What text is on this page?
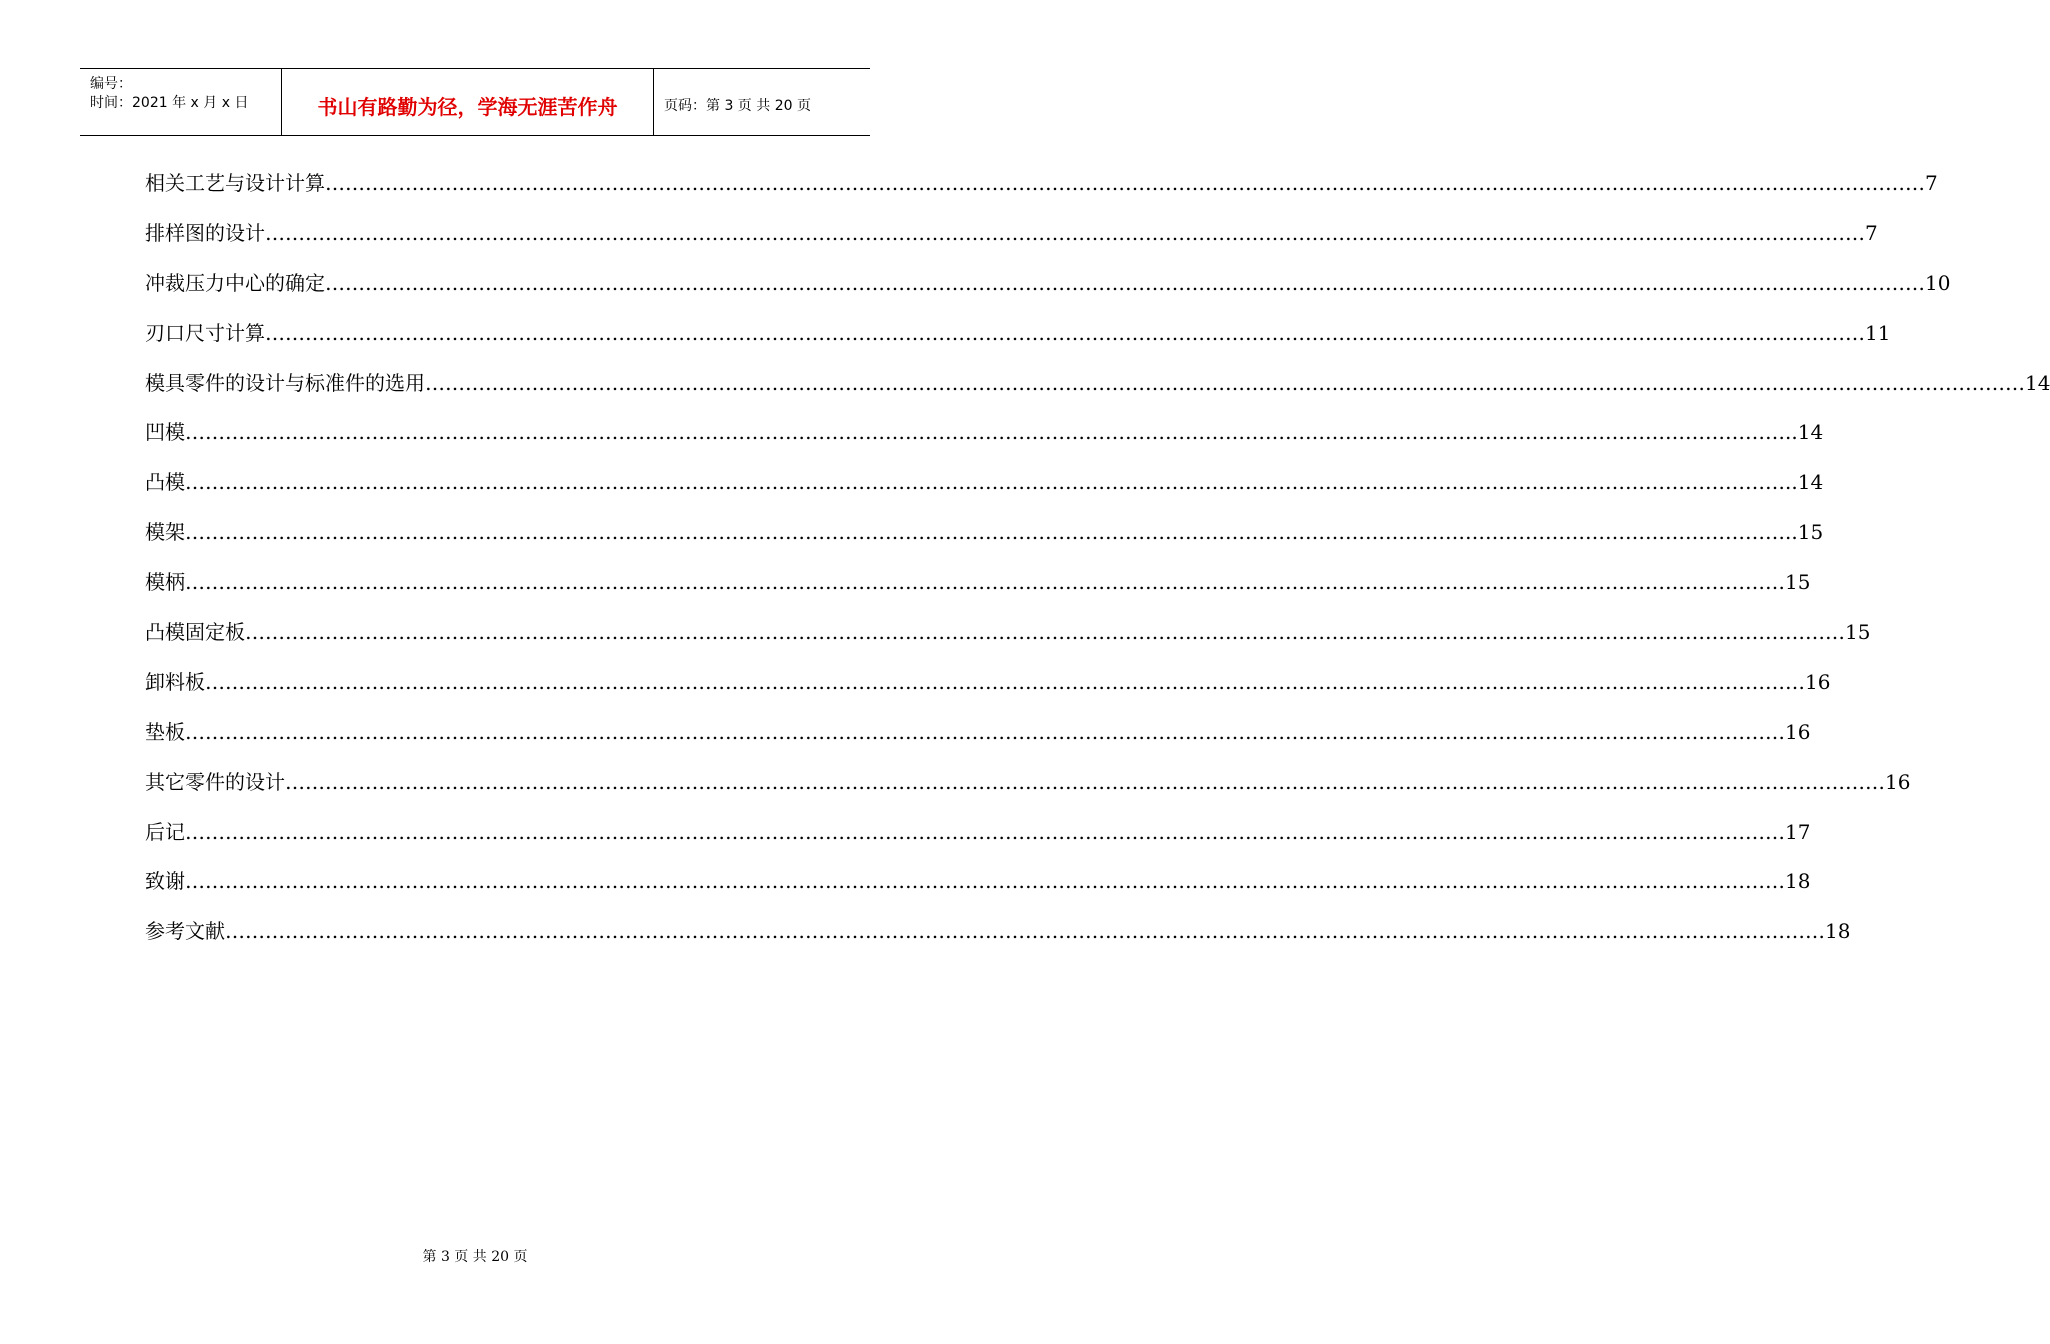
编号：
时间：2021 年 x 月 x 日	书山有路勤为径，学海无涯苦作舟	页码：第 3 页 共 20 页
相关工艺与设计计算 …………………………………………………………………………………………………………………………………………………………………………………………………………………… 7
排样图的设计 …………………………………………………………………………………………………………………………………………………………………………………………………………………… 7
冲裁压力中心的确定 …………………………………………………………………………………………………………………………………………………………………………………………………………………… 10
刃口尺寸计算 …………………………………………………………………………………………………………………………………………………………………………………………………………………… 11
模具零件的设计与标准件的选用 …………………………………………………………………………………………………………………………………………………………………………………………………………………… 14
凹模 …………………………………………………………………………………………………………………………………………………………………………………………………………………… ..14
凸模 …………………………………………………………………………………………………………………………………………………………………………………………………………………… ..14
模架 …………………………………………………………………………………………………………………………………………………………………………………………………………………… ..15
模柄 …………………………………………………………………………………………………………………………………………………………………………………………………………………… 15
凸模固定板 …………………………………………………………………………………………………………………………………………………………………………………………………………………… 15
卸料板 …………………………………………………………………………………………………………………………………………………………………………………………………………………… 16
垫板 …………………………………………………………………………………………………………………………………………………………………………………………………………………… 16
其它零件的设计 …………………………………………………………………………………………………………………………………………………………………………………………………………………… 16
后记 …………………………………………………………………………………………………………………………………………………………………………………………………………………… 17
致谢 …………………………………………………………………………………………………………………………………………………………………………………………………………………… 18
参考文献 …………………………………………………………………………………………………………………………………………………………………………………………………………………… 18
第 3 页 共 20 页
